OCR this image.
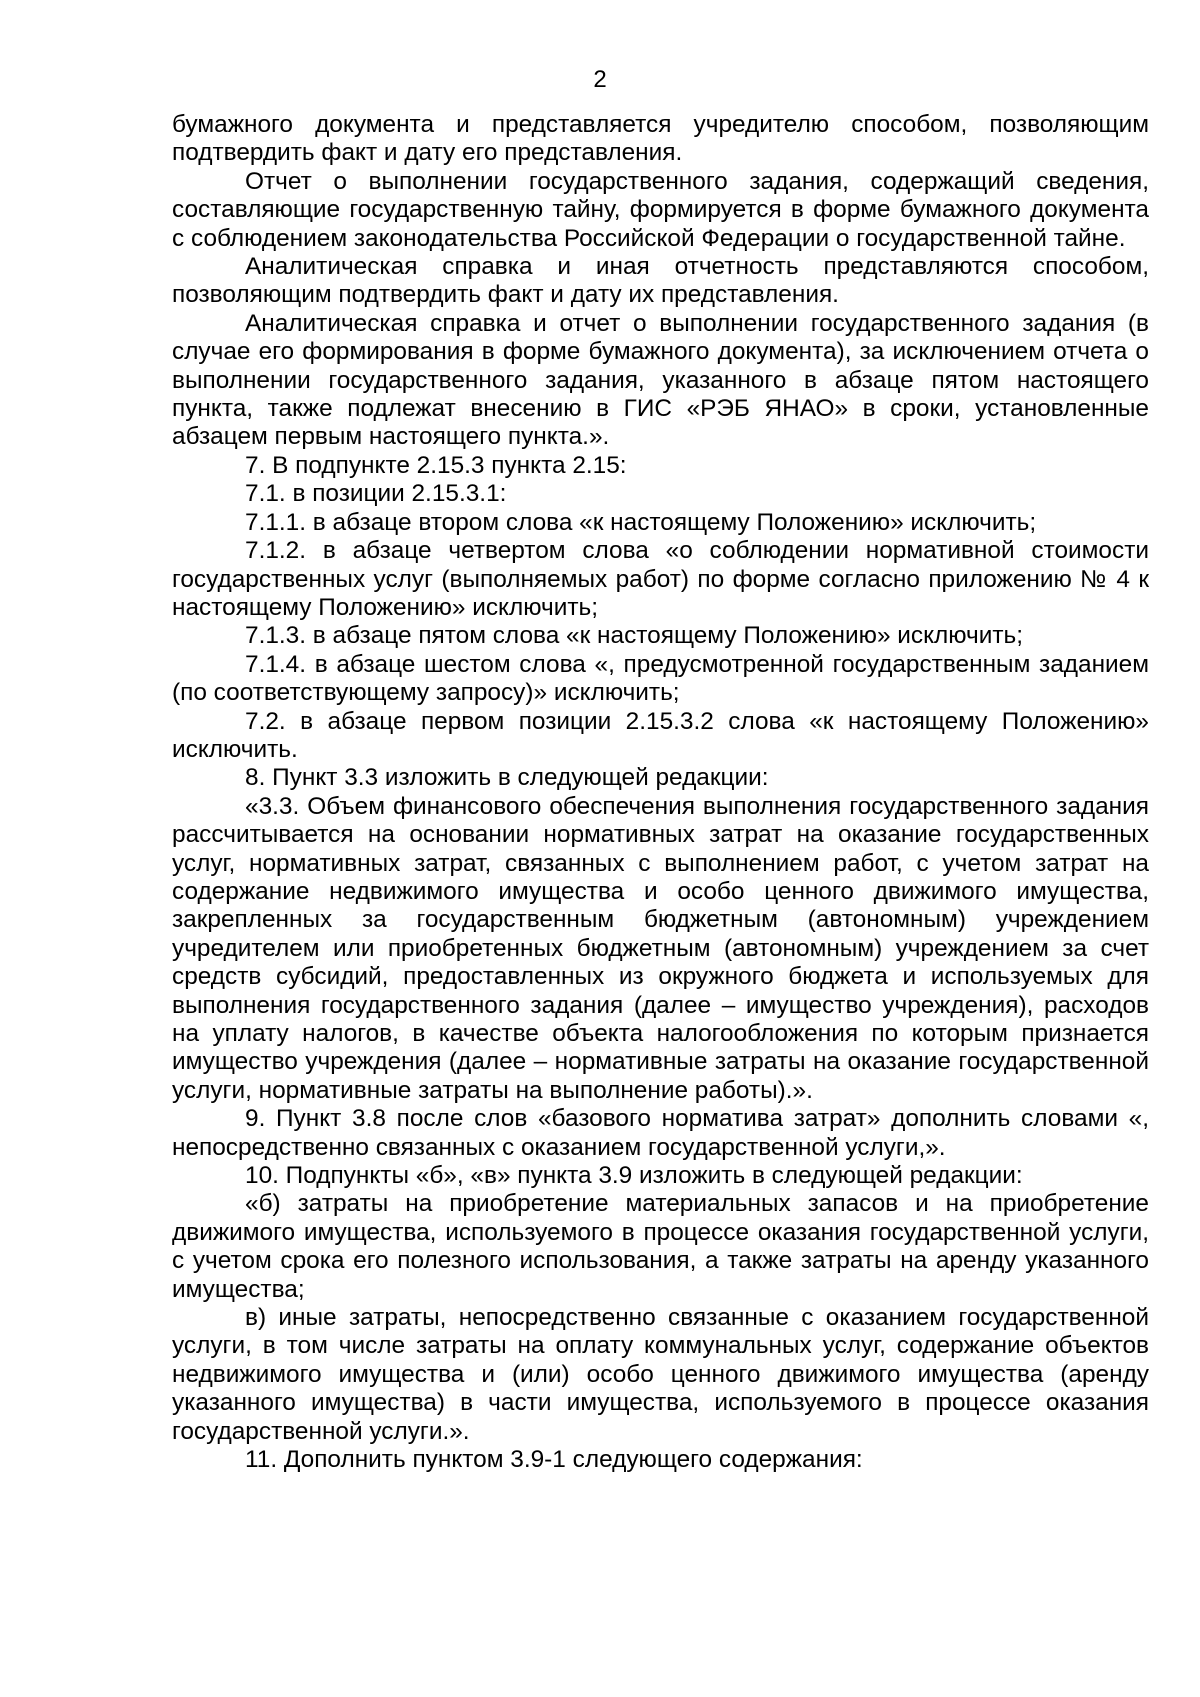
2

бумажного документа и представляется учредителю способом, позволяющим подтвердить факт и дату его представления.

Отчет о выполнении государственного задания, содержащий сведения, составляющие государственную тайну, формируется в форме бумажного документа с соблюдением законодательства Российской Федерации о государственной тайне.

Аналитическая справка и иная отчетность представляются способом, позволяющим подтвердить факт и дату их представления.

Аналитическая справка и отчет о выполнении государственного задания (в случае его формирования в форме бумажного документа), за исключением отчета о выполнении государственного задания, указанного в абзаце пятом настоящего пункта, также подлежат внесению в ГИС «РЭБ ЯНАО» в сроки, установленные абзацем первым настоящего пункта.».

7. В подпункте 2.15.3 пункта 2.15:

7.1. в позиции 2.15.3.1:

7.1.1. в абзаце втором слова «к настоящему Положению» исключить;

7.1.2. в абзаце четвертом слова «о соблюдении нормативной стоимости государственных услуг (выполняемых работ) по форме согласно приложению № 4 к настоящему Положению» исключить;

7.1.3. в абзаце пятом слова «к настоящему Положению» исключить;

7.1.4. в абзаце шестом слова «, предусмотренной государственным заданием (по соответствующему запросу)» исключить;

7.2. в абзаце первом позиции 2.15.3.2 слова «к настоящему Положению» исключить.

8. Пункт 3.3 изложить в следующей редакции:

«3.3. Объем финансового обеспечения выполнения государственного задания рассчитывается на основании нормативных затрат на оказание государственных услуг, нормативных затрат, связанных с выполнением работ, с учетом затрат на содержание недвижимого имущества и особо ценного движимого имущества, закрепленных за государственным бюджетным (автономным) учреждением учредителем или приобретенных бюджетным (автономным) учреждением за счет средств субсидий, предоставленных из окружного бюджета и используемых для выполнения государственного задания (далее – имущество учреждения), расходов на уплату налогов, в качестве объекта налогообложения по которым признается имущество учреждения (далее – нормативные затраты на оказание государственной услуги, нормативные затраты на выполнение работы).».

9. Пункт 3.8 после слов «базового норматива затрат» дополнить словами «, непосредственно связанных с оказанием государственной услуги,».

10. Подпункты «б», «в» пункта 3.9 изложить в следующей редакции:

«б) затраты на приобретение материальных запасов и на приобретение движимого имущества, используемого в процессе оказания государственной услуги, с учетом срока его полезного использования, а также затраты на аренду указанного имущества;

в) иные затраты, непосредственно связанные с оказанием государственной услуги, в том числе затраты на оплату коммунальных услуг, содержание объектов недвижимого имущества и (или) особо ценного движимого имущества (аренду указанного имущества) в части имущества, используемого в процессе оказания государственной услуги.».

11. Дополнить пунктом 3.9-1 следующего содержания:
